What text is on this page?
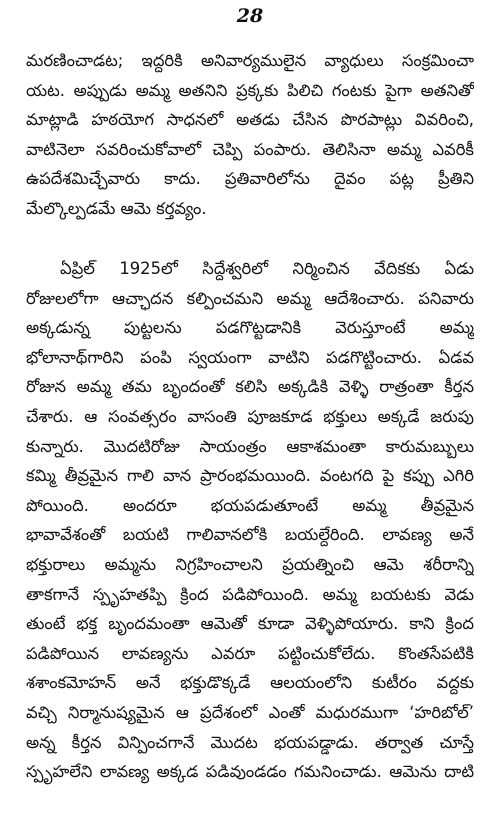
28
మరణించాడట; ఇద్దరికి అనివార్యములైన వ్యాధులు సంక్రమించా
యట. అప్పుడు అమ్మ అతనిని ప్రక్కకు పిలిచి గంటకు పైగా అతనితో
మాట్లాడి హఠయోగ సాధనలో అతడు చేసిన పొరపాట్లు వివరించి,
వాటినెలా సవరించుకోవాలో చెప్పి పంపారు. తెలిసినా అమ్మ ఎవరికీ
ఉపదేశమిచ్చేవారు కాదు. ప్రతివారిలోను దైవం పట్ల ప్రీతిని
మేల్కొల్పడమే ఆమె కర్తవ్యం.
ఏప్రిల్ 1925లో సిద్దేశ్వరిలో నిర్మించిన వేదికకు ఏడు
రోజులలోగా ఆచ్ఛాదన కల్పించమని అమ్మ ఆదేశించారు. పనివారు
అక్కడున్న పుట్టలను పడగొట్టడానికి వెరుస్తూంటే అమ్మ
భోలానాథ్‌గారిని పంపి స్వయంగా వాటిని పడగొట్టించారు. ఏడవ
రోజున అమ్మ తమ బృందంతో కలిసి అక్కడికి వెళ్ళి రాత్రంతా కీర్తన
చేశారు. ఆ సంవత్సరం వాసంతి పూజకూడ భక్తులు అక్కడే జరుపు
కున్నారు. మొదటిరోజు సాయంత్రం ఆకాశమంతా కారుమబ్బులు
కమ్మి తీవ్రమైన గాలి వాన ప్రారంభమయింది. వంటగది పై కప్పు ఎగిరి
పోయింది. అందరూ భయపడుతూంటే అమ్మ తీవ్రమైన
భావావేశంతో బయటి గాలివానలోకి బయల్దేరింది. లావణ్య అనే
భక్తురాలు అమ్మను నిగ్రహించాలని ప్రయత్నించి ఆమె శరీరాన్ని
తాకగానే స్పృహతప్పి క్రింద పడిపోయింది. అమ్మ బయటకు వెడు
తుంటే భక్త బృందమంతా ఆమెతో కూడా వెళ్ళిపోయారు. కాని క్రింద
పడిపోయిన లావణ్యను ఎవరూ పట్టించుకోలేదు. కొంతసేపటికి
శశాంకమోహన్ అనే భక్తుడొక్కడే ఆలయంలోని కుటీరం వద్దకు
వచ్చి నిర్మానుష్యమైన ఆ ప్రదేశంలో ఎంతో మధురముగా ‘హరిబోల్’
అన్న కీర్తన విన్పించగానే మొదట భయపడ్డాడు. తర్వాత చూస్తే
స్పృహలేని లావణ్య అక్కడ పడివుండడం గమనించాడు. ఆమెను దాటి
